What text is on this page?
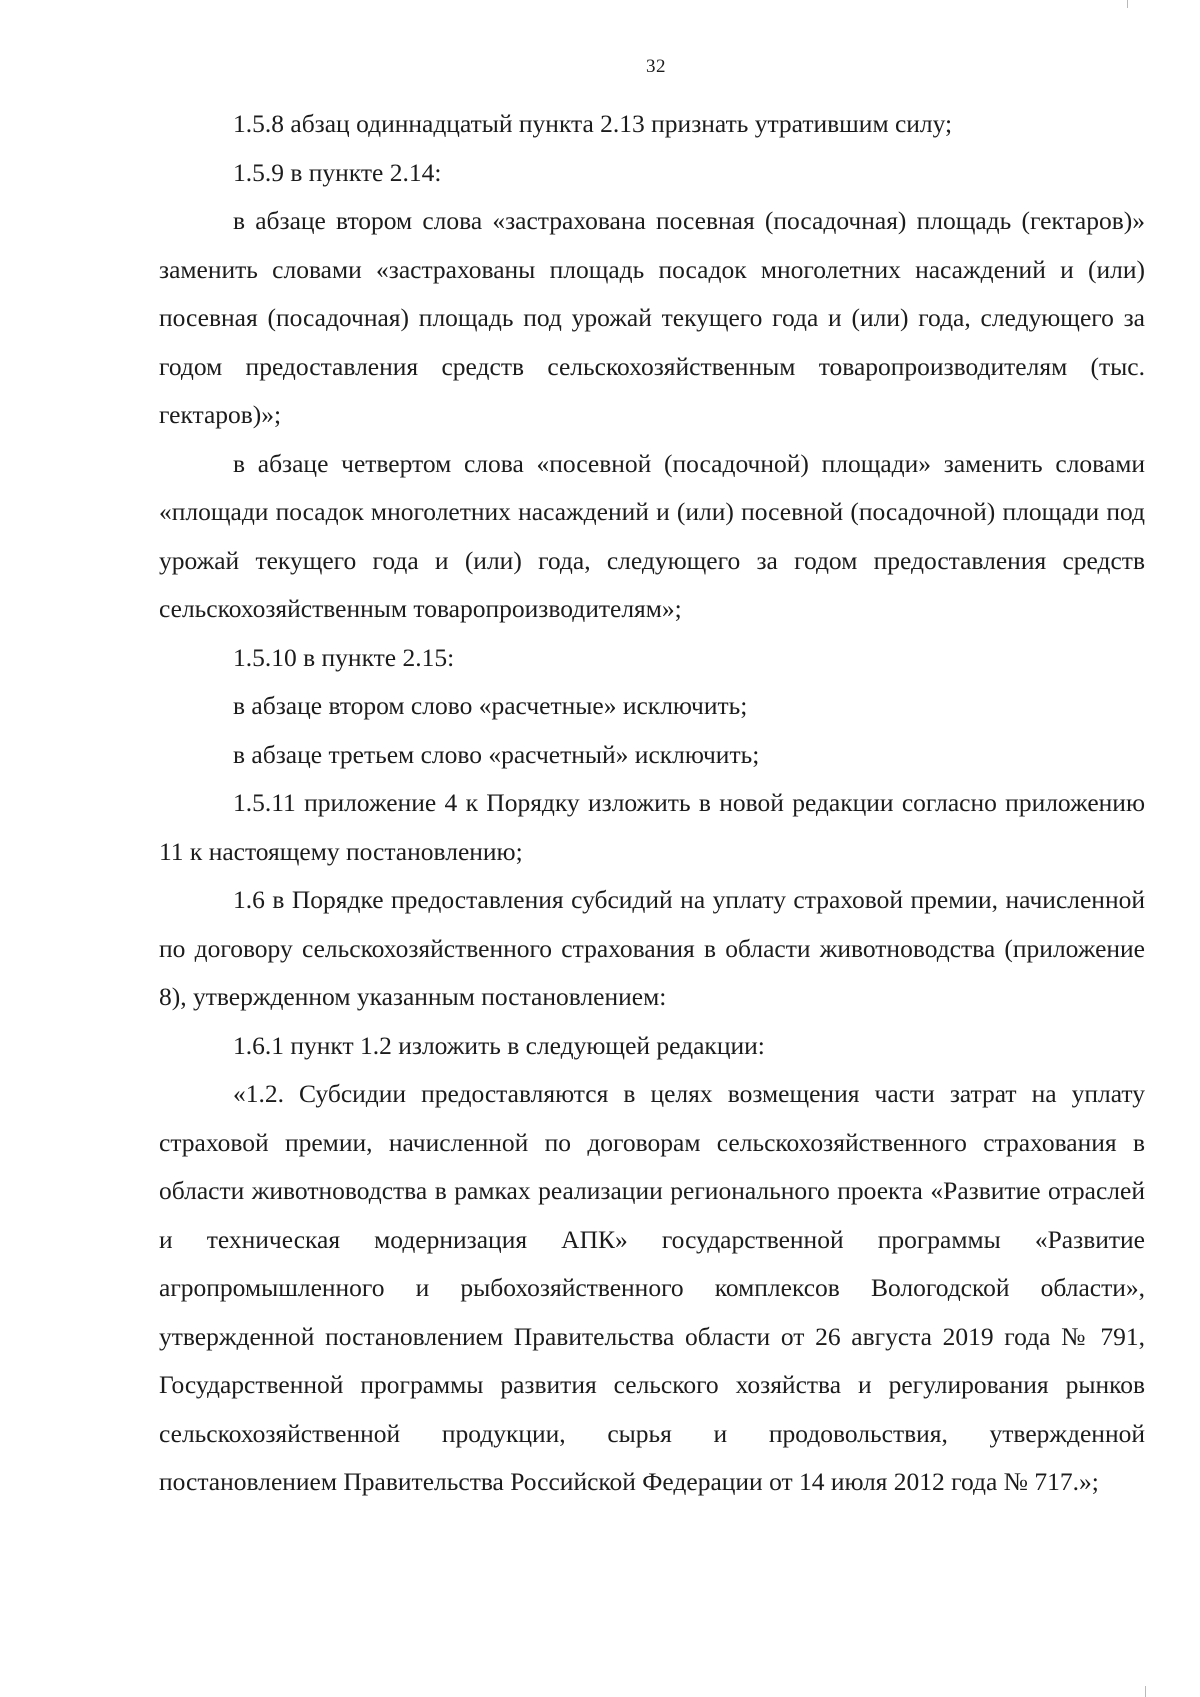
32

1.5.8 абзац одиннадцатый пункта 2.13 признать утратившим силу;

1.5.9 в пункте 2.14:

в абзаце втором слова «застрахована посевная (посадочная) площадь (гектаров)» заменить словами «застрахованы площадь посадок многолетних насаждений и (или) посевная (посадочная) площадь под урожай текущего года и (или) года, следующего за годом предоставления средств сельскохозяйственным товаропроизводителям (тыс. гектаров)»;

в абзаце четвертом слова «посевной (посадочной) площади» заменить словами «площади посадок многолетних насаждений и (или) посевной (посадочной) площади под урожай текущего года и (или) года, следующего за годом предоставления средств сельскохозяйственным товаропроизводителям»;

1.5.10 в пункте 2.15:

в абзаце втором слово «расчетные» исключить;

в абзаце третьем слово «расчетный» исключить;

1.5.11 приложение 4 к Порядку изложить в новой редакции согласно приложению 11 к настоящему постановлению;

1.6 в Порядке предоставления субсидий на уплату страховой премии, начисленной по договору сельскохозяйственного страхования в области животноводства (приложение 8), утвержденном указанным постановлением:

1.6.1 пункт 1.2 изложить в следующей редакции:

«1.2. Субсидии предоставляются в целях возмещения части затрат на уплату страховой премии, начисленной по договорам сельскохозяйственного страхования в области животноводства в рамках реализации регионального проекта «Развитие отраслей и техническая модернизация АПК» государственной программы «Развитие агропромышленного и рыбохозяйственного комплексов Вологодской области», утвержденной постановлением Правительства области от 26 августа 2019 года № 791, Государственной программы развития сельского хозяйства и регулирования рынков сельскохозяйственной продукции, сырья и продовольствия, утвержденной постановлением Правительства Российской Федерации от 14 июля 2012 года № 717.»;
